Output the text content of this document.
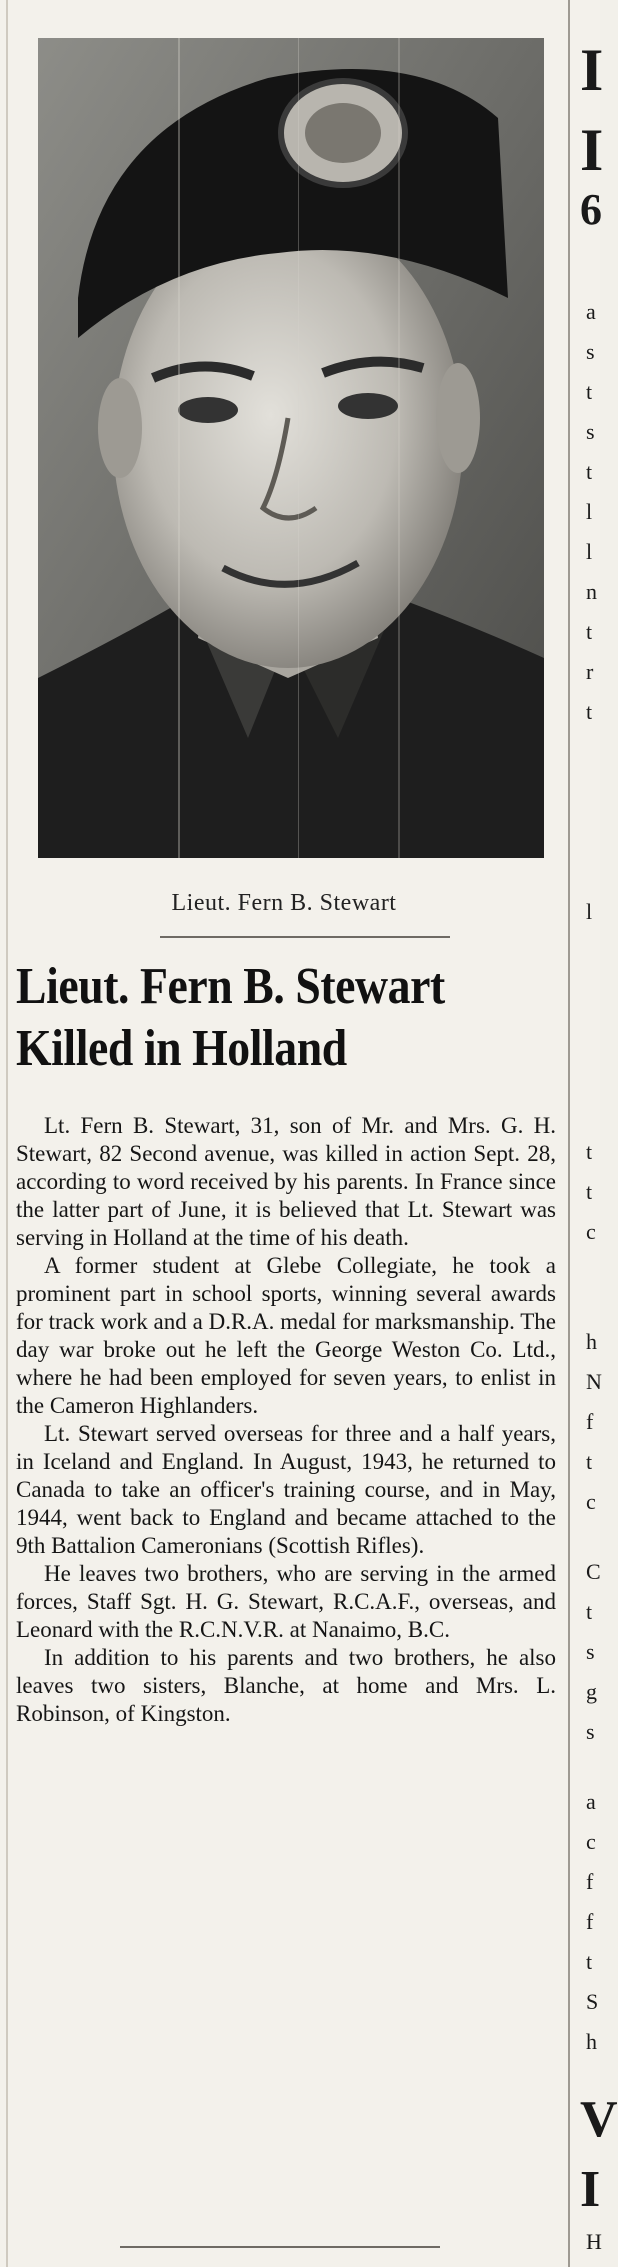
Lieut. Fern B. Stewart
Lieut. Fern B. Stewart
Killed in Holland

Lt. Fern B. Stewart, 31, son of Mr. and Mrs. G. H. Stewart, 82 Second avenue, was killed in action Sept. 28, according to word received by his parents. In France since the latter part of June, it is believed that Lt. Stewart was serving in Holland at the time of his death.

A former student at Glebe Collegiate, he took a prominent part in school sports, winning several awards for track work and a D.R.A. medal for marksmanship. The day war broke out he left the George Weston Co. Ltd., where he had been employed for seven years, to enlist in the Cameron Highlanders.

Lt. Stewart served overseas for three and a half years, in Iceland and England. In August, 1943, he returned to Canada to take an officer's training course, and in May, 1944, went back to England and became attached to the 9th Battalion Cameronians (Scottish Rifles).

He leaves two brothers, who are serving in the armed forces, Staff Sgt. H. G. Stewart, R.C.A.F., overseas, and Leonard with the R.C.N.V.R. at Nanaimo, B.C.

In addition to his parents and two brothers, he also leaves two sisters, Blanche, at home and Mrs. L. Robinson, of Kingston.

I
I
6
a
s
t
s
t
l
l
n
t
r
t
l
t
t
c
h
N
f
t
c
C
t
s
g
s
a
c
f
f
t
S
h
V
I
H
